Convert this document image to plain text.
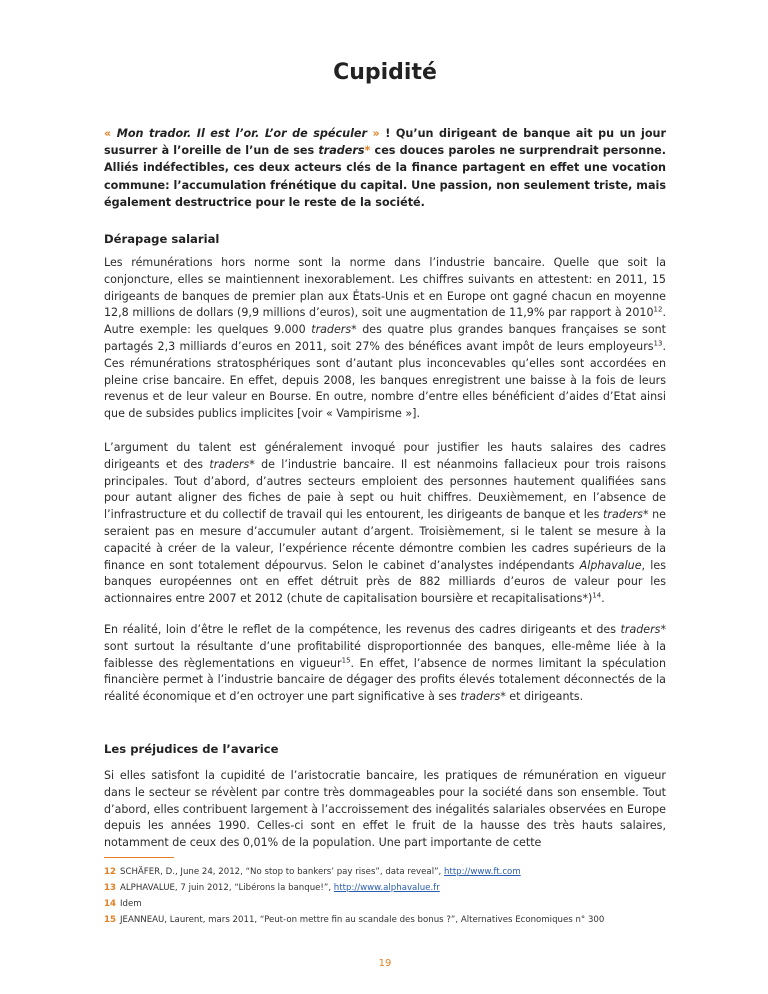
Cupidité

« Mon trador. Il est l’or. L’or de spéculer » ! Qu’un dirigeant de banque ait pu un jour susurrer à l’oreille de l’un de ses traders* ces douces paroles ne surprendrait personne. Alliés indéfectibles, ces deux acteurs clés de la finance partagent en effet une vocation commune: l’accumulation frénétique du capital. Une passion, non seulement triste, mais également destructrice pour le reste de la société.

Dérapage salarial

Les rémunérations hors norme sont la norme dans l’industrie bancaire. Quelle que soit la conjoncture, elles se maintiennent inexorablement. Les chiffres suivants en attestent: en 2011, 15 dirigeants de banques de premier plan aux États-Unis et en Europe ont gagné chacun en moyenne 12,8 millions de dollars (9,9 millions d’euros), soit une augmentation de 11,9% par rapport à 2010$^{12}$. Autre exemple: les quelques 9.000 traders* des quatre plus grandes banques françaises se sont partagés 2,3 milliards d’euros en 2011, soit 27% des bénéfices avant impôt de leurs employeurs$^{13}$. Ces rémunérations stratosphériques sont d’autant plus inconcevables qu’elles sont accordées en pleine crise bancaire. En effet, depuis 2008, les banques enregistrent une baisse à la fois de leurs revenus et de leur valeur en Bourse. En outre, nombre d’entre elles bénéficient d’aides d’Etat ainsi que de subsides publics implicites [voir « Vampirisme »].

L’argument du talent est généralement invoqué pour justifier les hauts salaires des cadres dirigeants et des traders* de l’industrie bancaire. Il est néanmoins fallacieux pour trois raisons principales. Tout d’abord, d’autres secteurs emploient des personnes hautement qualifiées sans pour autant aligner des fiches de paie à sept ou huit chiffres. Deuxièmement, en l’absence de l’infrastructure et du collectif de travail qui les entourent, les dirigeants de banque et les traders* ne seraient pas en mesure d’accumuler autant d’argent. Troisièmement, si le talent se mesure à la capacité à créer de la valeur, l’expérience récente démontre combien les cadres supérieurs de la finance en sont totalement dépourvus. Selon le cabinet d’analystes indépendants Alphavalue, les banques européennes ont en effet détruit près de 882 milliards d’euros de valeur pour les actionnaires entre 2007 et 2012 (chute de capitalisation boursière et recapitalisations*)$^{14}$.

En réalité, loin d’être le reflet de la compétence, les revenus des cadres dirigeants et des traders* sont surtout la résultante d’une profitabilité disproportionnée des banques, elle-même liée à la faiblesse des règlementations en vigueur$^{15}$. En effet, l’absence de normes limitant la spéculation financière permet à l’industrie bancaire de dégager des profits élevés totalement déconnectés de la réalité économique et d’en octroyer une part significative à ses traders* et dirigeants.

Les préjudices de l’avarice

Si elles satisfont la cupidité de l’aristocratie bancaire, les pratiques de rémunération en vigueur dans le secteur se révèlent par contre très dommageables pour la société dans son ensemble. Tout d’abord, elles contribuent largement à l’accroissement des inégalités salariales observées en Europe depuis les années 1990. Celles-ci sont en effet le fruit de la hausse des très hauts salaires, notamment de ceux des 0,01% de la population. Une part importante de cette

12 SCHÄFER, D., June 24, 2012, “No stop to bankers’ pay rises”, data reveal”, http://www.ft.com

13 ALPHAVALUE, 7 juin 2012, “Libérons la banque!”, http://www.alphavalue.fr

14 Idem

15 JEANNEAU, Laurent, mars 2011, “Peut-on mettre fin au scandale des bonus ?”, Alternatives Economiques n° 300

19
